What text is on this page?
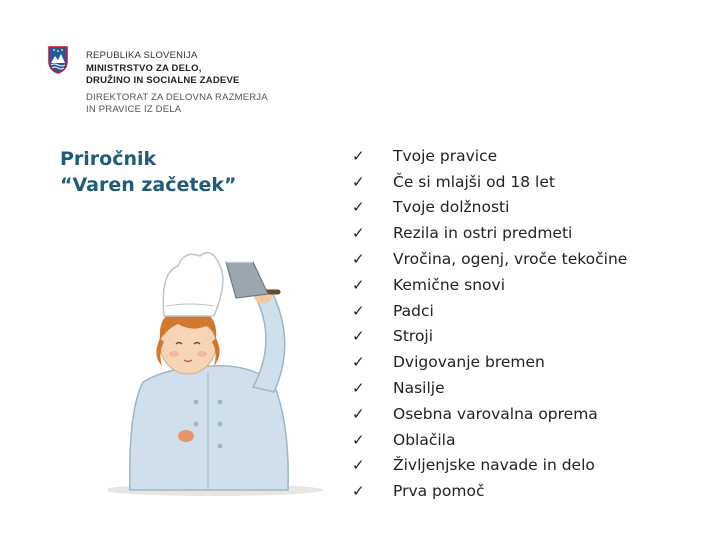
REPUBLIKA SLOVENIJA
MINISTRSTVO ZA DELO,
DRUŽINO IN SOCIALNE ZADEVE
DIREKTORAT ZA DELOVNA RAZMERJA
IN PRAVICE IZ DELA
Priročnik
“Varen začetek”
✓	Tvoje pravice
✓	Če si mlajši od 18 let
✓	Tvoje dolžnosti
✓	Rezila in ostri predmeti
✓	Vročina, ogenj, vroče tekočine
✓	Kemične snovi
✓	Padci
✓	Stroji
✓	Dvigovanje bremen
✓	Nasilje
✓	Osebna varovalna oprema
✓	Oblačila
✓	Življenjske navade in delo
✓	Prva pomoč
